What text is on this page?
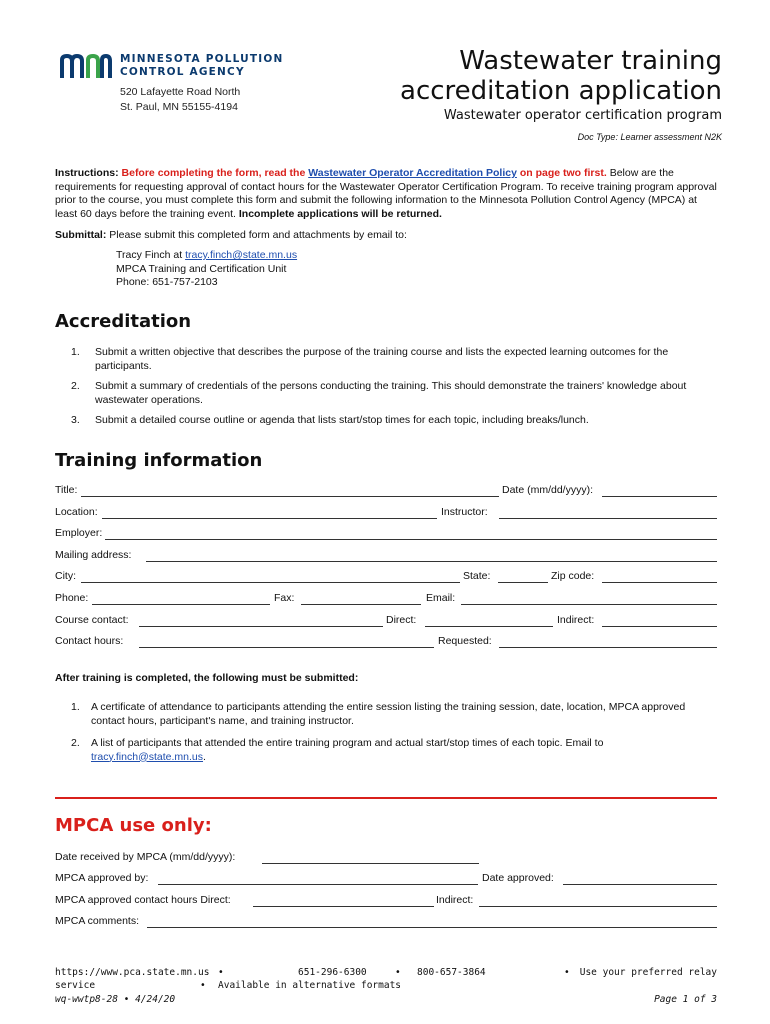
MINNESOTA POLLUTION
CONTROL AGENCY
520 Lafayette Road North
St. Paul, MN 55155-4194
Wastewater training
accreditation application
Wastewater operator certification program
Doc Type: Learner assessment N2K
Instructions: Before completing the form, read the Wastewater Operator Accreditation Policy on page two first. Below are the requirements for requesting approval of contact hours for the Wastewater Operator Certification Program. To receive training program approval prior to the course, you must complete this form and submit the following information to the Minnesota Pollution Control Agency (MPCA) at least 60 days before the training event. Incomplete applications will be returned.
Submittal: Please submit this completed form and attachments by email to:
Tracy Finch at tracy.finch@state.mn.us
MPCA Training and Certification Unit
Phone: 651-757-2103
Accreditation
1. Submit a written objective that describes the purpose of the training course and lists the expected learning outcomes for the participants.
2. Submit a summary of credentials of the persons conducting the training. This should demonstrate the trainers' knowledge about wastewater operations.
3. Submit a detailed course outline or agenda that lists start/stop times for each topic, including breaks/lunch.
Training information
Title:	Date (mm/dd/yyyy):
Location:	Instructor:
Employer:
Mailing address:
City:	State:	Zip code:
Phone:	Fax:	Email:
Course contact:	Direct:	Indirect:
Contact hours:	Requested:
After training is completed, the following must be submitted:
1. A certificate of attendance to participants attending the entire session listing the training session, date, location, MPCA approved contact hours, participant's name, and training instructor.
2. A list of participants that attended the entire training program and actual start/stop times of each topic. Email to tracy.finch@state.mn.us.
MPCA use only:
Date received by MPCA (mm/dd/yyyy):
MPCA approved by:	Date approved:
MPCA approved contact hours Direct:	Indirect:
MPCA comments:
https://www.pca.state.mn.us •	651-296-6300	• 800-657-3864	• Use your preferred relay
service	• Available in alternative formats
wq-wwtp8-28 • 4/24/20	Page 1 of 3
